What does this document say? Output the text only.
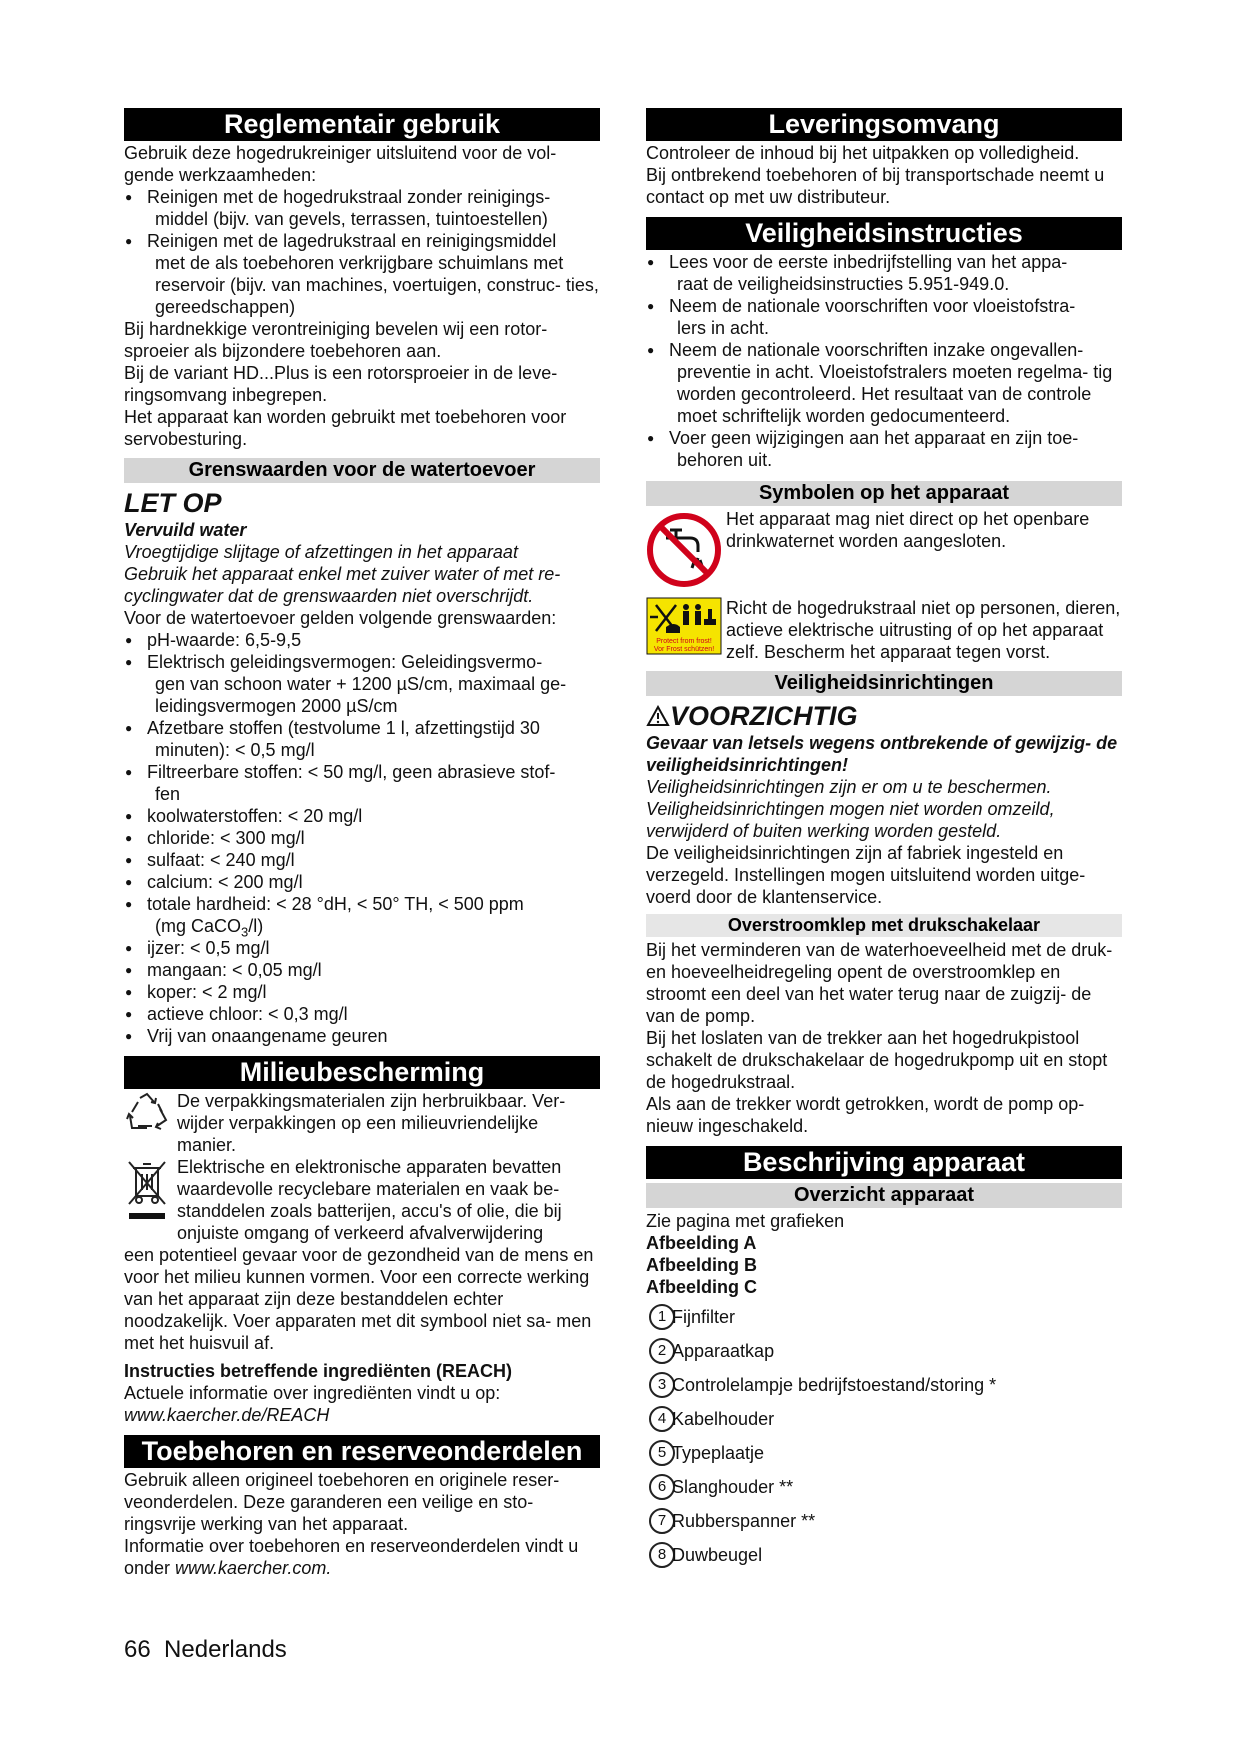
Reglementair gebruik

Gebruik deze hogedrukreiniger uitsluitend voor de vol- gende werkzaamheden:

● Reinigen met de hogedrukstraal zonder reinigings-
middel (bijv. van gevels, terrassen, tuintoestellen)
● Reinigen met de lagedrukstraal en reinigingsmiddel
met de als toebehoren verkrijgbare schuimlans met reservoir (bijv. van machines, voertuigen, construc- ties, gereedschappen)

Bij hardnekkige verontreiniging bevelen wij een rotor- sproeier als bijzondere toebehoren aan.

Bij de variant HD...Plus is een rotorsproeier in de leve- ringsomvang inbegrepen.

Het apparaat kan worden gebruikt met toebehoren voor servobesturing.

Grenswaarden voor de watertoevoer
LET OP
Vervuild water

Vroegtijdige slijtage of afzettingen in het apparaat

Gebruik het apparaat enkel met zuiver water of met re- cyclingwater dat de grenswaarden niet overschrijdt.

Voor de watertoevoer gelden volgende grenswaarden:

● pH-waarde: 6,5-9,5
● Elektrisch geleidingsvermogen: Geleidingsvermo-
gen van schoon water + 1200 µS/cm, maximaal ge- leidingsvermogen 2000 µS/cm
● Afzetbare stoffen (testvolume 1 l, afzettingstijd 30
minuten): < 0,5 mg/l
● Filtreerbare stoffen: < 50 mg/l, geen abrasieve stof-
fen
● koolwaterstoffen: < 20 mg/l
● chloride: < 300 mg/l
● sulfaat: < 240 mg/l
● calcium: < 200 mg/l
● totale hardheid: < 28 °dH, < 50° TH, < 500 ppm
(mg CaCO$_3$/l)
● ijzer: < 0,5 mg/l
● mangaan: < 0,05 mg/l
● koper: < 2 mg/l
● actieve chloor: < 0,3 mg/l
● Vrij van onaangename geuren
Milieubescherming

De verpakkingsmaterialen zijn herbruikbaar. Ver- wijder verpakkingen op een milieuvriendelijke manier.

Elektrische en elektronische apparaten bevatten waardevolle recyclebare materialen en vaak be- standdelen zoals batterijen, accu's of olie, die bij onjuiste omgang of verkeerd afvalverwijdering

een potentieel gevaar voor de gezondheid van de mens en voor het milieu kunnen vormen. Voor een correcte werking van het apparaat zijn deze bestanddelen echter noodzakelijk. Voer apparaten met dit symbool niet sa- men met het huisvuil af.

Instructies betreffende ingrediënten (REACH)

Actuele informatie over ingrediënten vindt u op:

www.kaercher.de/REACH

Toebehoren en reserveonderdelen

Gebruik alleen origineel toebehoren en originele reser- veonderdelen. Deze garanderen een veilige en sto- ringsvrije werking van het apparaat.

Informatie over toebehoren en reserveonderdelen vindt u onder www.kaercher.com.

Leveringsomvang

Controleer de inhoud bij het uitpakken op volledigheid.

Bij ontbrekend toebehoren of bij transportschade neemt u contact op met uw distributeur.

Veiligheidsinstructies
● Lees voor de eerste inbedrijfstelling van het appa-
raat de veiligheidsinstructies 5.951-949.0.
● Neem de nationale voorschriften voor vloeistofstra-
lers in acht.
● Neem de nationale voorschriften inzake ongevallen-
preventie in acht. Vloeistofstralers moeten regelma- tig worden gecontroleerd. Het resultaat van de controle moet schriftelijk worden gedocumenteerd.
● Voer geen wijzigingen aan het apparaat en zijn toe-
behoren uit.
Symbolen op het apparaat

Het apparaat mag niet direct op het openbare drinkwaternet worden aangesloten.

Protect from frost!
Vor Frost schützen!

Richt de hogedrukstraal niet op personen, dieren, actieve elektrische uitrusting of op het apparaat zelf. Bescherm het apparaat tegen vorst.

Veiligheidsinrichtingen
VOORZICHTIG

Gevaar van letsels wegens ontbrekende of gewijzig- de veiligheidsinrichtingen!

Veiligheidsinrichtingen zijn er om u te beschermen.

Veiligheidsinrichtingen mogen niet worden omzeild, verwijderd of buiten werking worden gesteld.

De veiligheidsinrichtingen zijn af fabriek ingesteld en verzegeld. Instellingen mogen uitsluitend worden uitge- voerd door de klantenservice.

Overstroomklep met drukschakelaar

Bij het verminderen van de waterhoeveelheid met de druk- en hoeveelheidregeling opent de overstroomklep en stroomt een deel van het water terug naar de zuigzij- de van de pomp.

Bij het loslaten van de trekker aan het hogedrukpistool schakelt de drukschakelaar de hogedrukpomp uit en stopt de hogedrukstraal.

Als aan de trekker wordt getrokken, wordt de pomp op- nieuw ingeschakeld.

Beschrijving apparaat
Overzicht apparaat

Zie pagina met grafieken

Afbeelding A

Afbeelding B

Afbeelding C

1 Fijnfilter
2 Apparaatkap
3 Controlelampje bedrijfstoestand/storing *
4 Kabelhouder
5 Typeplaatje
6 Slanghouder **
7 Rubberspanner **
8 Duwbeugel
66 Nederlands
